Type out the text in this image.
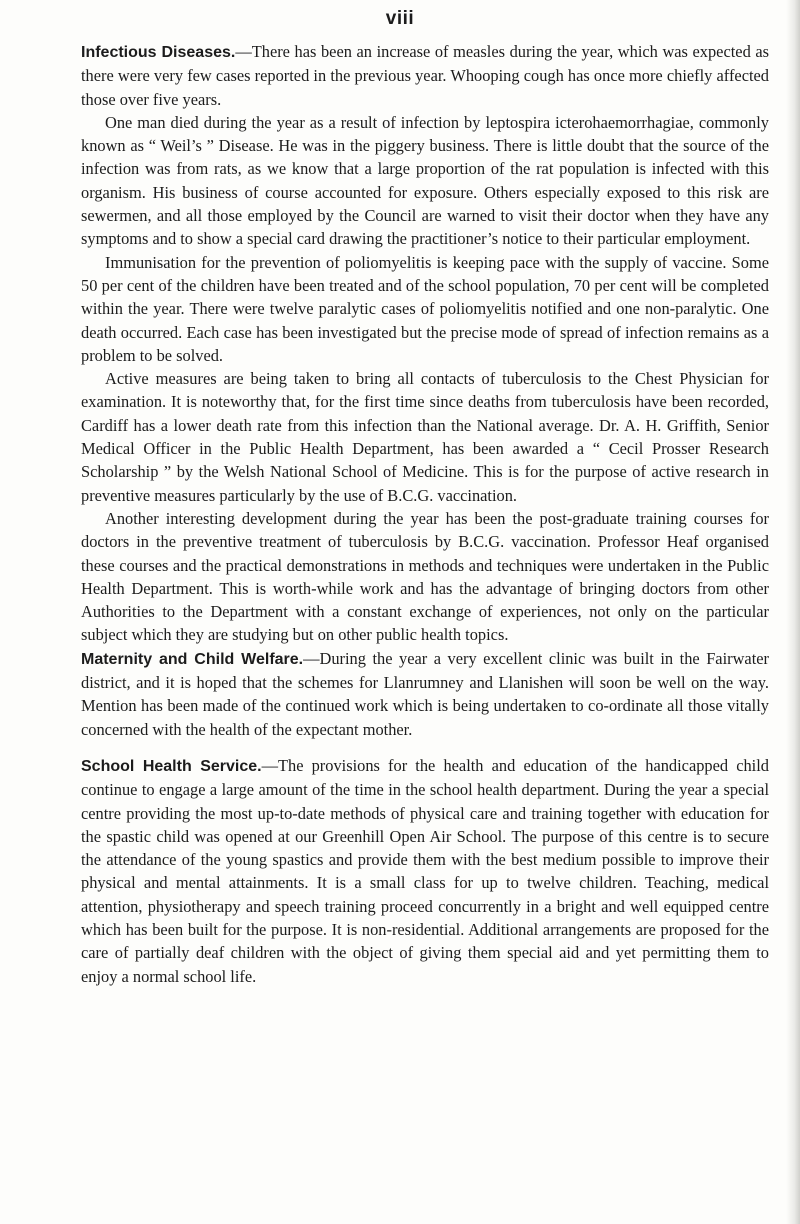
viii

Infectious Diseases.—There has been an increase of measles during the year, which was expected as there were very few cases reported in the previous year. Whooping cough has once more chiefly affected those over five years.

One man died during the year as a result of infection by leptospira icterohaemorrhagiae, commonly known as “ Weil’s ” Disease. He was in the piggery business. There is little doubt that the source of the infection was from rats, as we know that a large proportion of the rat population is infected with this organism. His business of course accounted for exposure. Others especially exposed to this risk are sewermen, and all those employed by the Council are warned to visit their doctor when they have any symptoms and to show a special card drawing the practitioner’s notice to their particular employment.

Immunisation for the prevention of poliomyelitis is keeping pace with the supply of vaccine. Some 50 per cent of the children have been treated and of the school population, 70 per cent will be completed within the year. There were twelve paralytic cases of poliomyelitis notified and one non-paralytic. One death occurred. Each case has been investigated but the precise mode of spread of infection remains as a problem to be solved.

Active measures are being taken to bring all contacts of tuberculosis to the Chest Physician for examination. It is noteworthy that, for the first time since deaths from tuberculosis have been recorded, Cardiff has a lower death rate from this infection than the National average. Dr. A. H. Griffith, Senior Medical Officer in the Public Health Department, has been awarded a “ Cecil Prosser Research Scholarship ” by the Welsh National School of Medicine. This is for the purpose of active research in preventive measures particularly by the use of B.C.G. vaccination.

Another interesting development during the year has been the post-graduate training courses for doctors in the preventive treatment of tuberculosis by B.C.G. vaccination. Professor Heaf organised these courses and the practical demonstrations in methods and techniques were undertaken in the Public Health Department. This is worth-while work and has the advantage of bringing doctors from other Authorities to the Department with a constant exchange of experiences, not only on the particular subject which they are studying but on other public health topics.

Maternity and Child Welfare.—During the year a very excellent clinic was built in the Fairwater district, and it is hoped that the schemes for Llanrumney and Llanishen will soon be well on the way. Mention has been made of the continued work which is being undertaken to co-ordinate all those vitally concerned with the health of the expectant mother.

School Health Service.—The provisions for the health and education of the handicapped child continue to engage a large amount of the time in the school health department. During the year a special centre providing the most up-to-date methods of physical care and training together with education for the spastic child was opened at our Greenhill Open Air School. The purpose of this centre is to secure the attendance of the young spastics and provide them with the best medium possible to improve their physical and mental attainments. It is a small class for up to twelve children. Teaching, medical attention, physiotherapy and speech training proceed concurrently in a bright and well equipped centre which has been built for the purpose. It is non-residential. Additional arrangements are proposed for the care of partially deaf children with the object of giving them special aid and yet permitting them to enjoy a normal school life.
